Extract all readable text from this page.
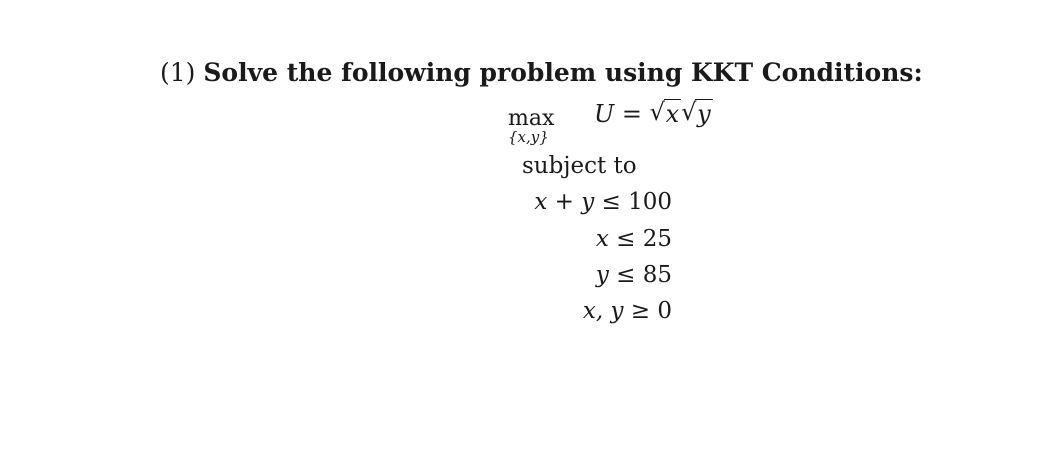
(1) Solve the following problem using KKT Conditions:
max
{x,y}
U = √ x √ y
subject to
x + y ≤ 100
x ≤ 25
y ≤ 85
x, y ≥ 0
